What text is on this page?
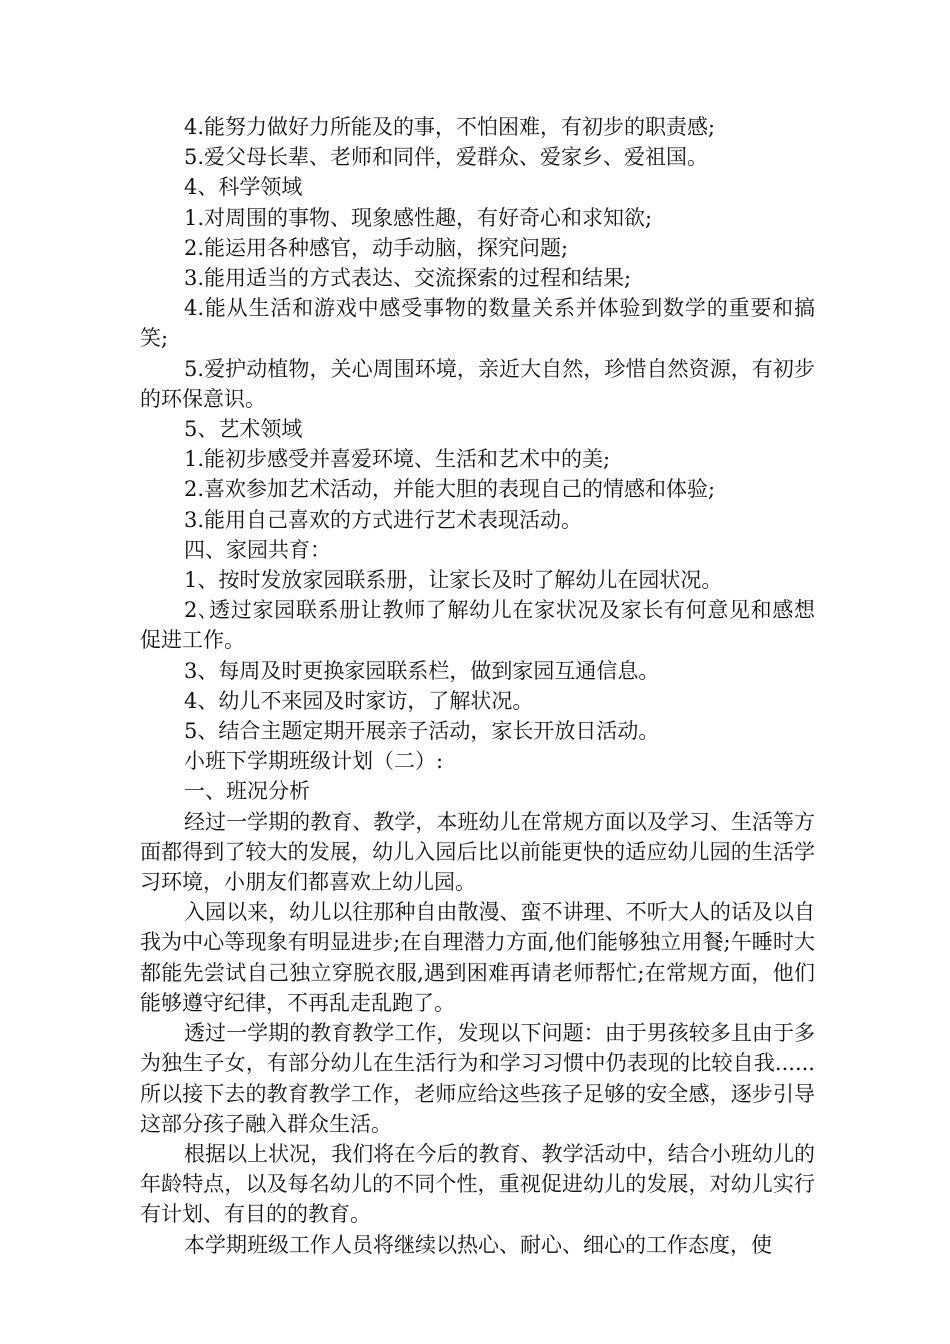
4.能努力做好力所能及的事，不怕困难，有初步的职责感;

5.爱父母长辈、老师和同伴，爱群众、爱家乡、爱祖国。

4、科学领域

1.对周围的事物、现象感性趣，有好奇心和求知欲;

2.能运用各种感官，动手动脑，探究问题;

3.能用适当的方式表达、交流探索的过程和结果;

4.能从生活和游戏中感受事物的数量关系并体验到数学的重要和搞笑;

5.爱护动植物，关心周围环境，亲近大自然，珍惜自然资源，有初步的环保意识。

5、艺术领域

1.能初步感受并喜爱环境、生活和艺术中的美;

2.喜欢参加艺术活动，并能大胆的表现自己的情感和体验;

3.能用自己喜欢的方式进行艺术表现活动。

四、家园共育：

1、按时发放家园联系册，让家长及时了解幼儿在园状况。

2､透过家园联系册让教师了解幼儿在家状况及家长有何意见和感想促进工作。

3、每周及时更换家园联系栏，做到家园互通信息。

4、幼儿不来园及时家访，了解状况。

5、结合主题定期开展亲子活动，家长开放日活动。

小班下学期班级计划（二）:

一、班况分析

经过一学期的教育、教学，本班幼儿在常规方面以及学习、生活等方面都得到了较大的发展，幼儿入园后比以前能更快的适应幼儿园的生活学习环境，小朋友们都喜欢上幼儿园。

入园以来，幼儿以往那种自由散漫、蛮不讲理、不听大人的话及以自我为中心等现象有明显进步;在自理潜力方面,他们能够独立用餐;午睡时大都能先尝试自己独立穿脱衣服,遇到困难再请老师帮忙;在常规方面，他们能够遵守纪律，不再乱走乱跑了。

透过一学期的教育教学工作，发现以下问题：由于男孩较多且由于多为独生子女，有部分幼儿在生活行为和学习习惯中仍表现的比较自我......所以接下去的教育教学工作，老师应给这些孩子足够的安全感，逐步引导这部分孩子融入群众生活。

根据以上状况，我们将在今后的教育、教学活动中，结合小班幼儿的年龄特点，以及每名幼儿的不同个性，重视促进幼儿的发展，对幼儿实行有计划、有目的的教育。

本学期班级工作人员将继续以热心、耐心、细心的工作态度，使
